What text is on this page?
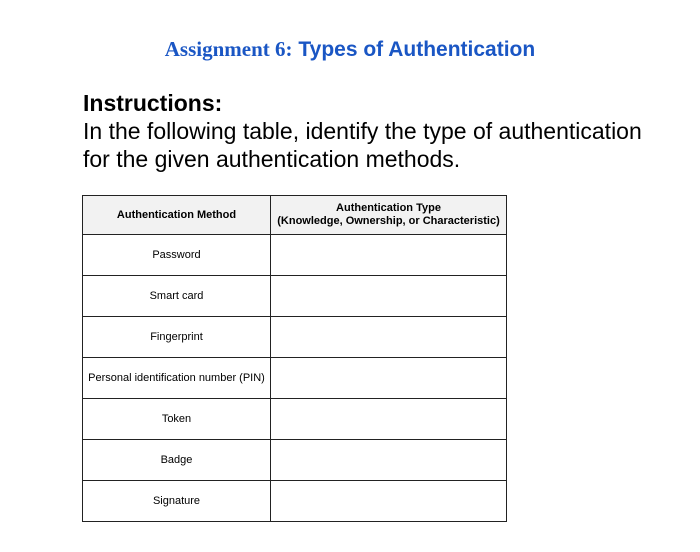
Assignment 6: Types of Authentication
Instructions:
In the following table, identify the type of authentication for the given authentication methods.
Authentication Method	Authentication Type
(Knowledge, Ownership, or Characteristic)

Password	
Smart card	
Fingerprint	
Personal identification number (PIN)	
Token	
Badge	
Signature	
